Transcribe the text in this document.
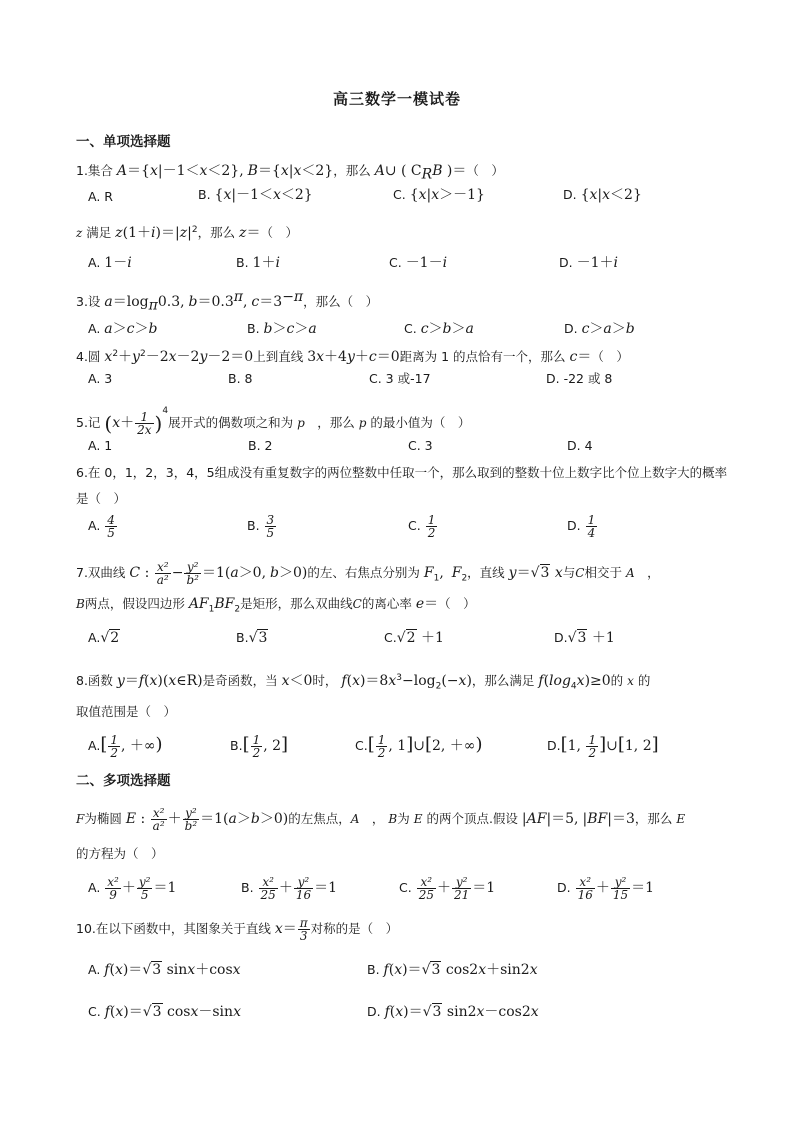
高三数学一模试卷
一、单项选择题
1.集合 A＝{x|－1＜x＜2}, B＝{x|x＜2}，那么 A∪ ( $C_RB$ )＝（　）
A. R	B. {x|－1＜x＜2}	C. {x|x＞－1}	D. {x|x＜2}
z 满足 $z(1+i)=|z|^2$，那么 z＝（　）
A. 1－i	B. 1＋i	C. －1－i	D. －1＋i
3.设 $a=\log_\pi 0.3$, $b=0.3^\pi$, $c=3^{-\pi}$，那么（　）
A. a＞c＞b	B. b＞c＞a	C. c＞b＞a	D. c＞a＞b
4.圆 $x^2+y^2-2x-2y-2=0$上到直线 3x＋4y＋c＝0距离为 1 的点恰有一个，那么 c＝（　）
A. 3	B. 8	C. 3 或-17	D. -22 或 8
5.记 $(x+ \frac{1}{2x} )^4$展开式的偶数项之和为 p　，那么 p 的最小值为（　）
A. 1	B. 2	C. 3	D. 4
6.在 0，1，2，3，4，5组成没有重复数字的两位整数中任取一个，那么取到的整数十位上数字比个位上数字大的概率是（　）
A. $\frac{4}{5}$	B. $\frac{3}{5}$	C. $\frac{1}{2}$	D. $\frac{1}{4}$
7.双曲线 C : $\frac{\text{x²}}{\text{a²}} - \frac{\text{y²}}{\text{b²}} =1(a>0$, b＞0)的左、右焦点分别为 $F_1$, $F_2$，直线 y＝√3 x与C相交于 A　，
B两点，假设四边形 $AF_1BF_2$是矩形，那么双曲线C的离心率 e＝（　）
A.√2	B.√3	C.√2 ＋1	D.√3 ＋1
8.函数 y＝f(x)(x∈R)是奇函数，当 x＜0时， $f(x)=8x^3-\log_2(-x)$，那么满足 $f(\log_4x)\ge 0$的 x 的
取值范围是（　）
$A.[ \frac{1}{2}$ , ＋∞)	$B.[ \frac{1}{2}$ , 2]	$C.[ \frac{1}{2}$ , 1]∪[2, ＋∞)	D.[1, $\frac{1}{2}$ ]∪[1, 2]
二、多项选择题
F为椭圆 E : $\frac{\text{x²}}{\text{a²}} + \frac{\text{y²}}{\text{b²}} =1(a>b>0)$的左焦点，A　， B为 E 的两个顶点.假设 |AF|＝5, |BF|＝3，那么 E
的方程为（　）
A. $\frac{\text{x²}}{9} + \frac{\text{y²}}{5} =1$	B. $\frac{\text{x²}}{25} + \frac{\text{y²}}{16} =1$	C. $\frac{\text{x²}}{25} + \frac{\text{y²}}{21} =1$	D. $\frac{\text{x²}}{16} + \frac{\text{y²}}{15} =1$
10.在以下函数中，其图象关于直线 $x= \frac{\pi}{3}$ 对称的是（　）
A. f(x)＝√3 sinx＋cosx	B. f(x)＝√3 cos2x＋sin2x
C. f(x)＝√3 cosx－sinx	D. f(x)＝√3 sin2x－cos2x
